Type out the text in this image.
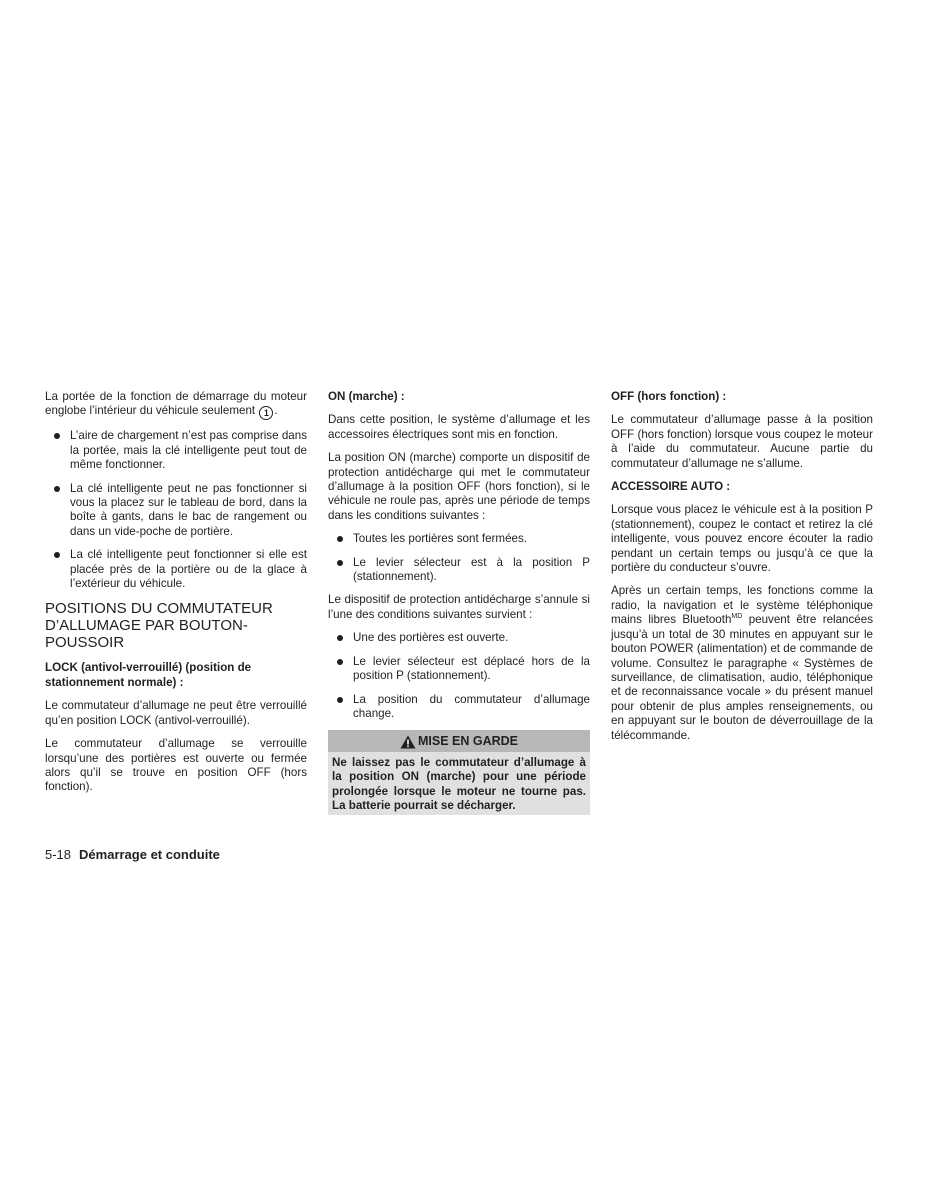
La portée de la fonction de démarrage du moteur englobe l’intérieur du véhicule seulement 1 .

L’aire de chargement n’est pas comprise dans la portée, mais la clé intelligente peut tout de même fonctionner.
La clé intelligente peut ne pas fonctionner si vous la placez sur le tableau de bord, dans la boîte à gants, dans le bac de rangement ou dans un vide-poche de portière.
La clé intelligente peut fonctionner si elle est placée près de la portière ou de la glace à l’extérieur du véhicule.
POSITIONS DU COMMUTATEUR D’ALLUMAGE PAR BOUTON-POUSSOIR
LOCK (antivol-verrouillé) (position de stationnement normale) :

Le commutateur d’allumage ne peut être verrouillé qu’en position LOCK (antivol-verrouillé).

Le commutateur d’allumage se verrouille lorsqu’une des portières est ouverte ou fermée alors qu’il se trouve en position OFF (hors fonction).

ON (marche) :

Dans cette position, le système d’allumage et les accessoires électriques sont mis en fonction.

La position ON (marche) comporte un dispositif de protection antidécharge qui met le commutateur d’allumage à la position OFF (hors fonction), si le véhicule ne roule pas, après une période de temps dans les conditions suivantes :

Toutes les portières sont fermées.
Le levier sélecteur est à la position P (stationnement).

Le dispositif de protection antidécharge s’annule si l’une des conditions suivantes survient :

Une des portières est ouverte.
Le levier sélecteur est déplacé hors de la position P (stationnement).
La position du commutateur d’allumage change.
MISE EN GARDE
Ne laissez pas le commutateur d’allumage à la position ON (marche) pour une période prolongée lorsque le moteur ne tourne pas. La batterie pourrait se décharger.
OFF (hors fonction) :

Le commutateur d’allumage passe à la position OFF (hors fonction) lorsque vous coupez le moteur à l’aide du commutateur. Aucune partie du commutateur d’allumage ne s’allume.

ACCESSOIRE AUTO :

Lorsque vous placez le véhicule est à la position P (stationnement), coupez le contact et retirez la clé intelligente, vous pouvez encore écouter la radio pendant un certain temps ou jusqu’à ce que la portière du conducteur s’ouvre.

Après un certain temps, les fonctions comme la radio, la navigation et le système téléphonique mains libres Bluetooth$^{MD}$ peuvent être relancées jusqu’à un total de 30 minutes en appuyant sur le bouton POWER (alimentation) et de commande de volume. Consultez le paragraphe « Systèmes de surveillance, de climatisation, audio, téléphonique et de reconnaissance vocale » du présent manuel pour obtenir de plus amples renseignements, ou en appuyant sur le bouton de déverrouillage de la télécommande.

5-18 Démarrage et conduite
